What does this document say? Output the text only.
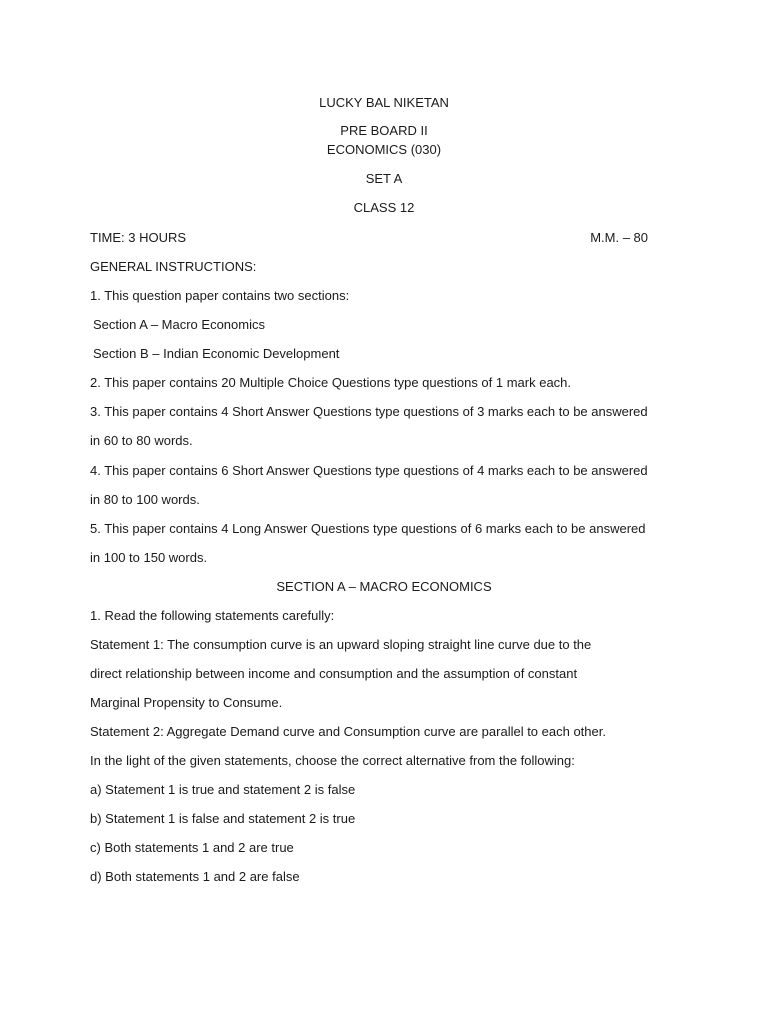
LUCKY BAL NIKETAN
PRE BOARD II
ECONOMICS (030)
SET A
CLASS 12
TIME: 3 HOURS	M.M. – 80
GENERAL INSTRUCTIONS:
1. This question paper contains two sections:
Section A – Macro Economics
Section B – Indian Economic Development
2. This paper contains 20 Multiple Choice Questions type questions of 1 mark each.
3. This paper contains 4 Short Answer Questions type questions of 3 marks each to be answered
in 60 to 80 words.
4. This paper contains 6 Short Answer Questions type questions of 4 marks each to be answered
in 80 to 100 words.
5. This paper contains 4 Long Answer Questions type questions of 6 marks each to be answered
in 100 to 150 words.
SECTION A – MACRO ECONOMICS
1. Read the following statements carefully:
Statement 1: The consumption curve is an upward sloping straight line curve due to the
direct relationship between income and consumption and the assumption of constant
Marginal Propensity to Consume.
Statement 2: Aggregate Demand curve and Consumption curve are parallel to each other.
In the light of the given statements, choose the correct alternative from the following:
a) Statement 1 is true and statement 2 is false
b) Statement 1 is false and statement 2 is true
c) Both statements 1 and 2 are true
d) Both statements 1 and 2 are false
